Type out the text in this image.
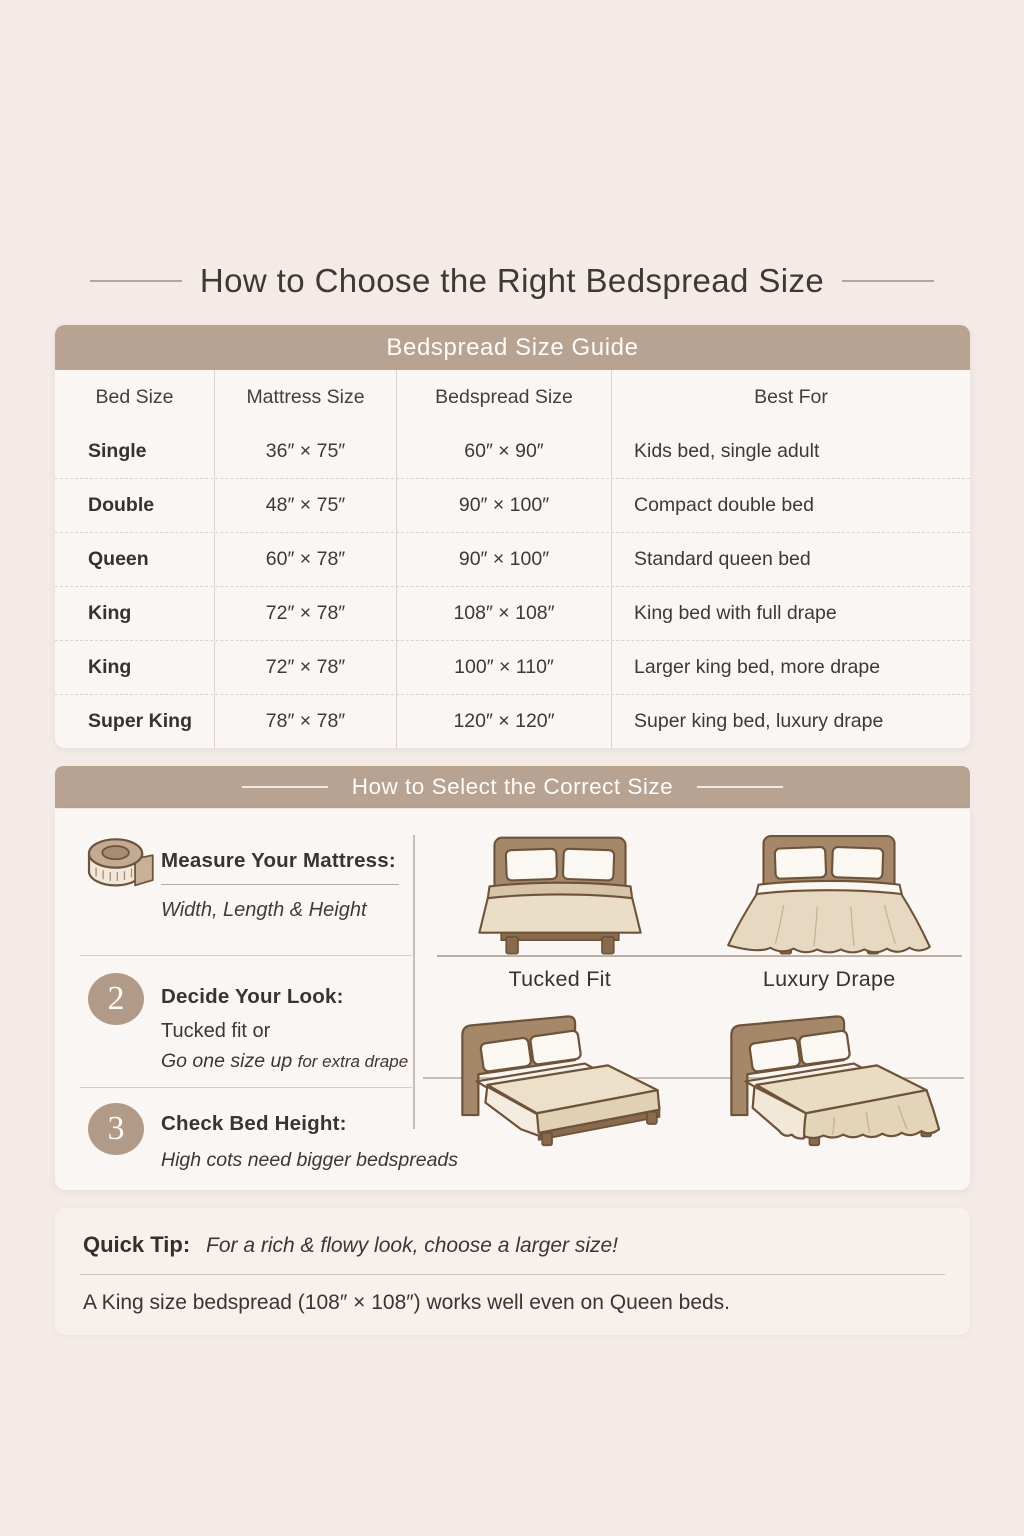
How to Choose the Right Bedspread Size
Bedspread Size Guide
Bed Size	Mattress Size	Bedspread Size	Best For
Single	36″ × 75″	60″ × 90″	Kids bed, single adult
Double	48″ × 75″	90″ × 100″	Compact double bed
Queen	60″ × 78″	90″ × 100″	Standard queen bed
King	72″ × 78″	108″ × 108″	King bed with full drape
King	72″ × 78″	100″ × 110″	Larger king bed, more drape
Super King	78″ × 78″	120″ × 120″	Super king bed, luxury drape
How to Select the Correct Size
Measure Your Mattress:
Width, Length & Height
2	Decide Your Look:
Tucked fit or
Go one size up for extra drape
3	Check Bed Height:
High cots need bigger bedspreads
Tucked Fit	Luxury Drape
Quick Tip: For a rich & flowy look, choose a larger size!
A King size bedspread (108″ × 108″) works well even on Queen beds.
